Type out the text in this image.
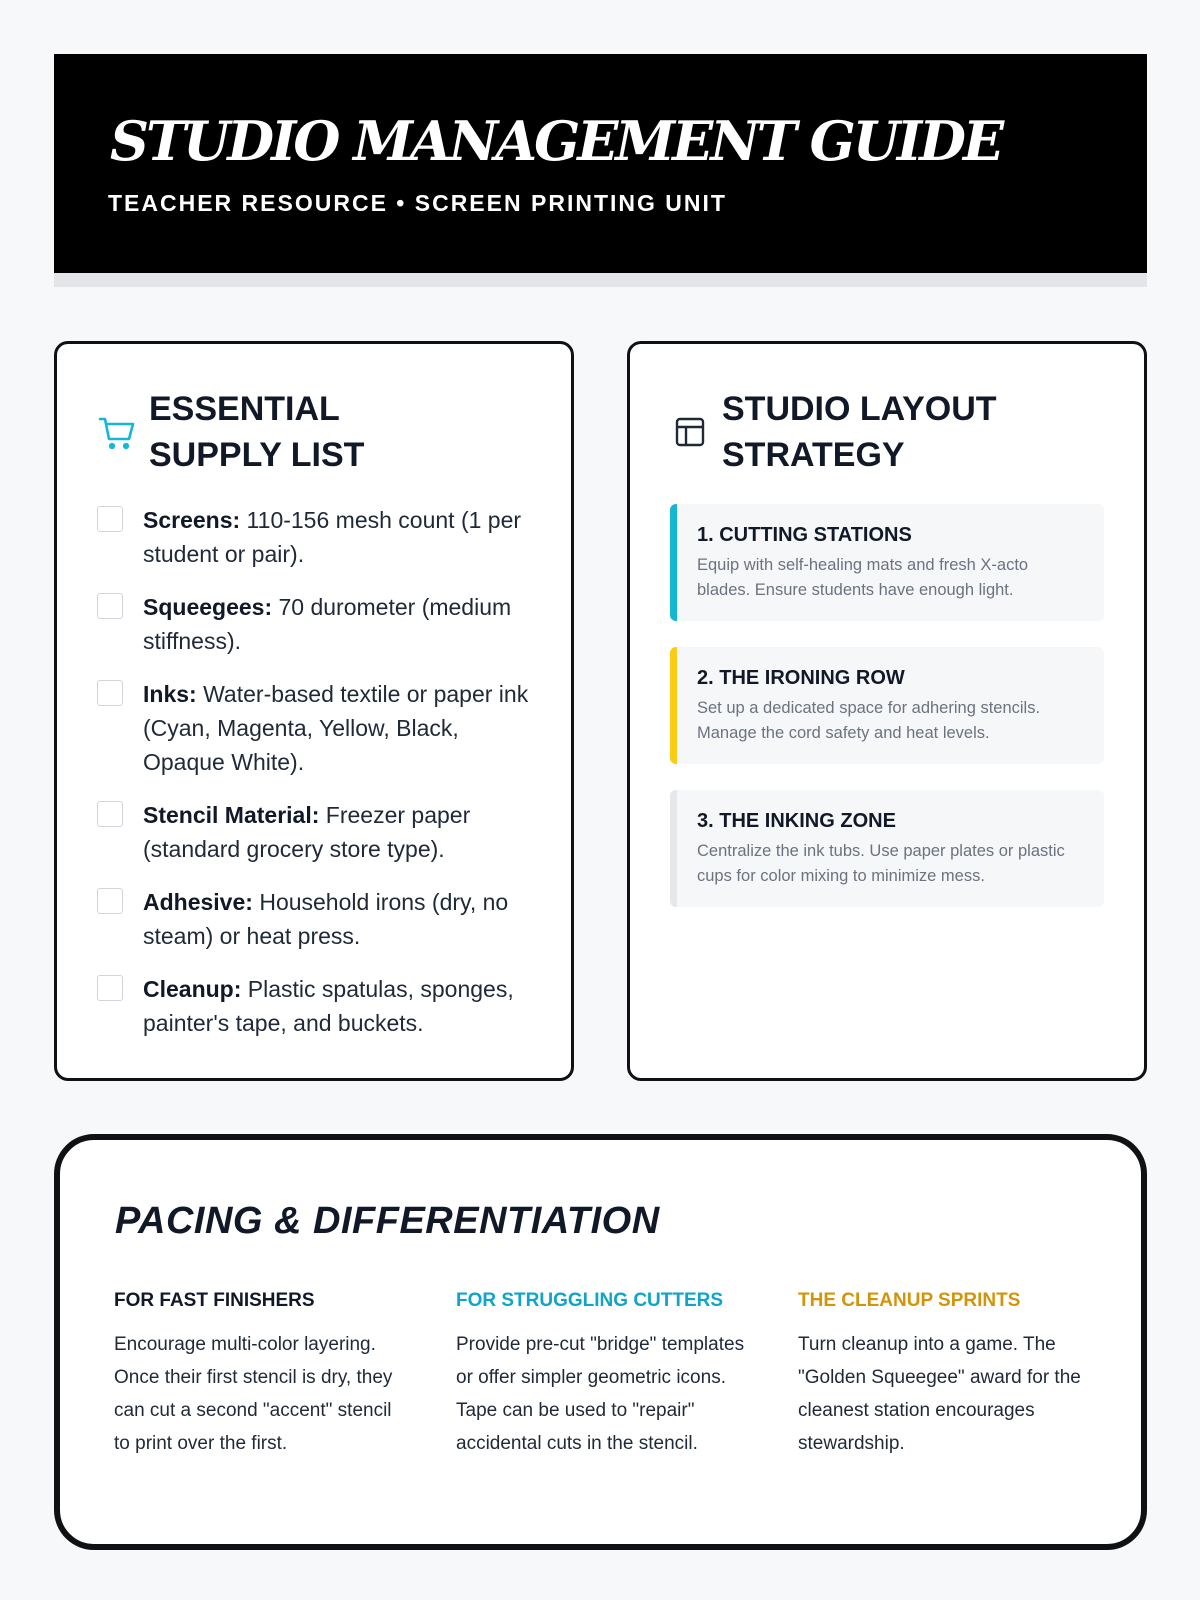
STUDIO MANAGEMENT GUIDE
TEACHER RESOURCE • SCREEN PRINTING UNIT
ESSENTIAL SUPPLY LIST
Screens: 110-156 mesh count (1 per student or pair).
Squeegees: 70 durometer (medium stiffness).
Inks: Water-based textile or paper ink (Cyan, Magenta, Yellow, Black, Opaque White).
Stencil Material: Freezer paper (standard grocery store type).
Adhesive: Household irons (dry, no steam) or heat press.
Cleanup: Plastic spatulas, sponges, painter's tape, and buckets.
STUDIO LAYOUT STRATEGY
1. CUTTING STATIONS

Equip with self-healing mats and fresh X-acto blades. Ensure students have enough light.

2. THE IRONING ROW

Set up a dedicated space for adhering stencils. Manage the cord safety and heat levels.

3. THE INKING ZONE

Centralize the ink tubs. Use paper plates or plastic cups for color mixing to minimize mess.

PACING & DIFFERENTIATION
FOR FAST FINISHERS

Encourage multi-color layering. Once their first stencil is dry, they can cut a second "accent" stencil to print over the first.

FOR STRUGGLING CUTTERS

Provide pre-cut "bridge" templates or offer simpler geometric icons. Tape can be used to "repair" accidental cuts in the stencil.

THE CLEANUP SPRINTS

Turn cleanup into a game. The "Golden Squeegee" award for the cleanest station encourages stewardship.
